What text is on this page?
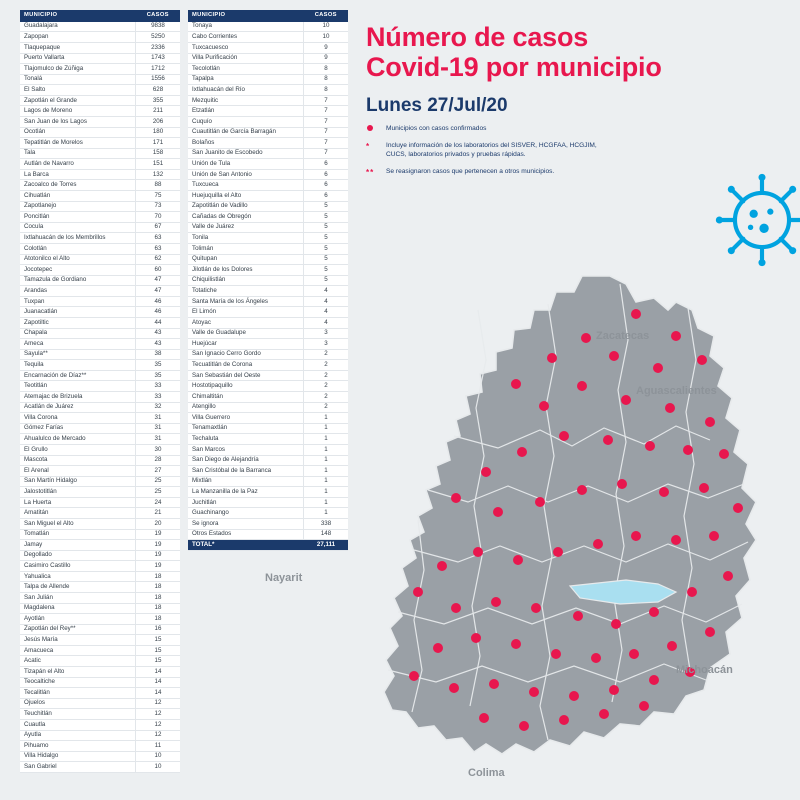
MUNICIPIO	CASOS
Guadalajara	9838
Zapopan	5250
Tlaquepaque	2336
Puerto Vallarta	1743
Tlajomulco de Zúñiga	1712
Tonalá	1556
El Salto	628
Zapotlán el Grande	355
Lagos de Moreno	211
San Juan de los Lagos	206
Ocotlán	180
Tepatitlán de Morelos	171
Tala	158
Autlán de Navarro	151
La Barca	132
Zacoalco de Torres	88
Cihuatlán	75
Zapotlanejo	73
Poncitlán	70
Cocula	67
Ixtlahuacán de los Membrillos	63
Colotlán	63
Atotonilco el Alto	62
Jocotepec	60
Tamazula de Gordiano	47
Arandas	47
Tuxpan	46
Juanacatlán	46
Zapotiltic	44
Chapala	43
Ameca	43
Sayula**	38
Tequila	35
Encarnación de Díaz**	35
Teotitlán	33
Atemajac de Brizuela	33
Acatlán de Juárez	32
Villa Corona	31
Gómez Farías	31
Ahualulco de Mercado	31
El Grullo	30
Mascota	28
El Arenal	27
San Martín Hidalgo	25
Jalostotitlán	25
La Huerta	24
Amatitán	21
San Miguel el Alto	20
Tomatlán	19
Jamay	19
Degollado	19
Casimiro Castillo	19
Yahualica	18
Talpa de Allende	18
San Julián	18
Magdalena	18
Ayotlán	18
Zapotlán del Rey**	16
Jesús María	15
Amacueca	15
Acatic	15
Tizapán el Alto	14
Teocaltiche	14
Tecalitlán	14
Ojuelos	12
Teuchitlán	12
Cuautla	12
Ayutla	12
Pihuamo	11
Villa Hidalgo	10
San Gabriel	10
MUNICIPIO	CASOS
Tonaya	10
Cabo Corrientes	10
Tuxcacuesco	9
Villa Purificación	9
Tecolotlán	8
Tapalpa	8
Ixtlahuacán del Río	8
Mezquitic	7
Etzatlán	7
Cuquío	7
Cuautitlán de García Barragán	7
Bolaños	7
San Juanito de Escobedo	7
Unión de Tula	6
Unión de San Antonio	6
Tuxcueca	6
Huejuquilla el Alto	6
Zapotitlán de Vadillo	5
Cañadas de Obregón	5
Valle de Juárez	5
Tonila	5
Tolimán	5
Quitupan	5
Jilotlán de los Dolores	5
Chiquilistlán	5
Totatiche	4
Santa María de los Ángeles	4
El Limón	4
Atoyac	4
Valle de Guadalupe	3
Huejúcar	3
San Ignacio Cerro Gordo	2
Tecuatitlán de Corona	2
San Sebastián del Oeste	2
Hostotipaquillo	2
Chimaltitán	2
Atengillo	2
Villa Guerrero	1
Tenamaxtlán	1
Techaluta	1
San Marcos	1
San Diego de Alejandría	1
San Cristóbal de la Barranca	1
Mixtlán	1
La Manzanilla de la Paz	1
Juchitlán	1
Guachinango	1
Se ignora	338
Otros Estados	148
TOTAL*	27,111
Número de casos
Covid-19 por municipio
Lunes 27/Jul/20
Municipios con casos confirmados
* Incluye información de los laboratorios del SISVER, HCGFAA, HCGJIM, CUCS, laboratorios privados y pruebas rápidas.
** Se reasignaron casos que pertenecen a otros municipios.
Zacatecas
Aguascalientes
Nayarit
Michoacán
Colima
